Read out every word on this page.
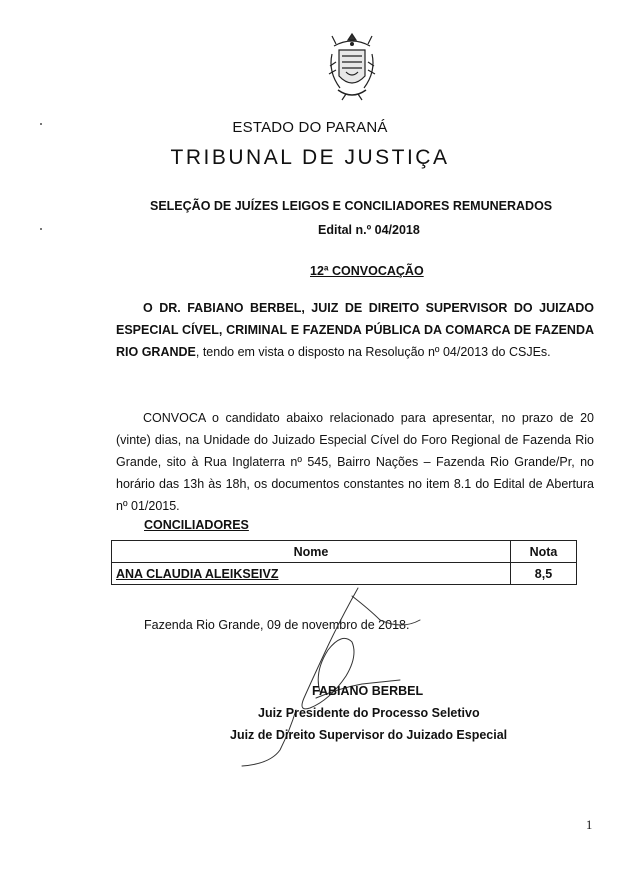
ESTADO DO PARANÁ
TRIBUNAL DE JUSTIÇA
SELEÇÃO DE JUÍZES LEIGOS E CONCILIADORES REMUNERADOS
Edital n.º 04/2018
12ª CONVOCAÇÃO

O DR. FABIANO BERBEL, JUIZ DE DIREITO SUPERVISOR DO JUIZADO ESPECIAL CÍVEL, CRIMINAL E FAZENDA PÚBLICA DA COMARCA DE FAZENDA RIO GRANDE, tendo em vista o disposto na Resolução nº 04/2013 do CSJEs.

CONVOCA o candidato abaixo relacionado para apresentar, no prazo de 20 (vinte) dias, na Unidade do Juizado Especial Cível do Foro Regional de Fazenda Rio Grande, sito à Rua Inglaterra nº 545, Bairro Nações – Fazenda Rio Grande/Pr, no horário das 13h às 18h, os documentos constantes no item 8.1 do Edital de Abertura nº 01/2015.

CONCILIADORES
Nome	Nota
ANA CLAUDIA ALEIKSEIVZ	8,5
Fazenda Rio Grande, 09 de novembro de 2018.
FABIANO BERBEL
Juiz Presidente do Processo Seletivo
Juiz de Direito Supervisor do Juizado Especial
1
